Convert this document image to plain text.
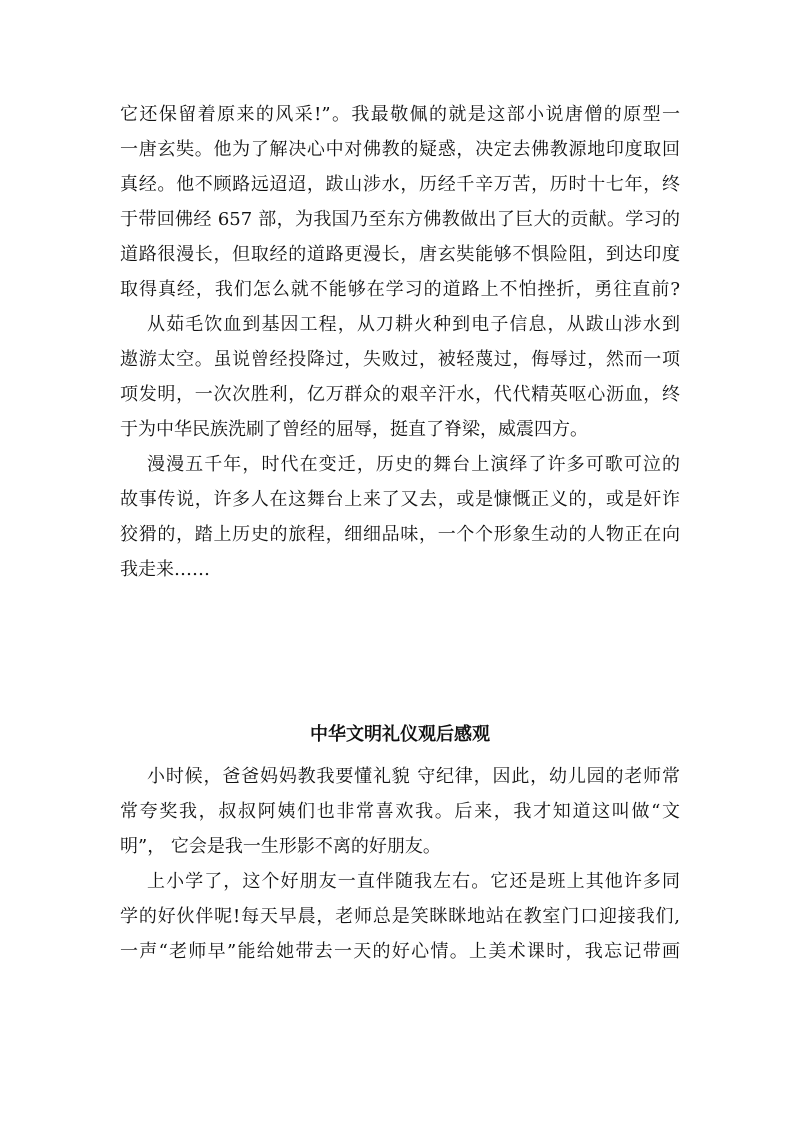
它还保留着原来的风采!”。我最敬佩的就是这部小说唐僧的原型一
一唐玄奘。他为了解决心中对佛教的疑惑，决定去佛教源地印度取回
真经。他不顾路远迢迢，跋山涉水，历经千辛万苦，历时十七年，终
于带回佛经 657 部，为我国乃至东方佛教做出了巨大的贡献。学习的
道路很漫长，但取经的道路更漫长，唐玄奘能够不惧险阻，到达印度
取得真经，我们怎么就不能够在学习的道路上不怕挫折，勇往直前?
从茹毛饮血到基因工程，从刀耕火种到电子信息，从跋山涉水到
遨游太空。虽说曾经投降过，失败过，被轻蔑过，侮辱过，然而一项
项发明，一次次胜利，亿万群众的艰辛汗水，代代精英呕心沥血，终
于为中华民族洗刷了曾经的屈辱，挺直了脊梁，威震四方。
漫漫五千年，时代在变迁，历史的舞台上演绎了许多可歌可泣的
故事传说，许多人在这舞台上来了又去，或是慷慨正义的，或是奸诈
狡猾的，踏上历史的旅程，细细品味，一个个形象生动的人物正在向
我走来……
中华文明礼仪观后感观
小时候，爸爸妈妈教我要懂礼貌 守纪律，因此，幼儿园的老师常
常夸奖我，叔叔阿姨们也非常喜欢我。后来，我才知道这叫做“文
明”， 它会是我一生形影不离的好朋友。
上小学了，这个好朋友一直伴随我左右。它还是班上其他许多同
学的好伙伴呢!每天早晨，老师总是笑眯眯地站在教室门口迎接我们,
一声“老师早”能给她带去一天的好心情。上美术课时，我忘记带画
